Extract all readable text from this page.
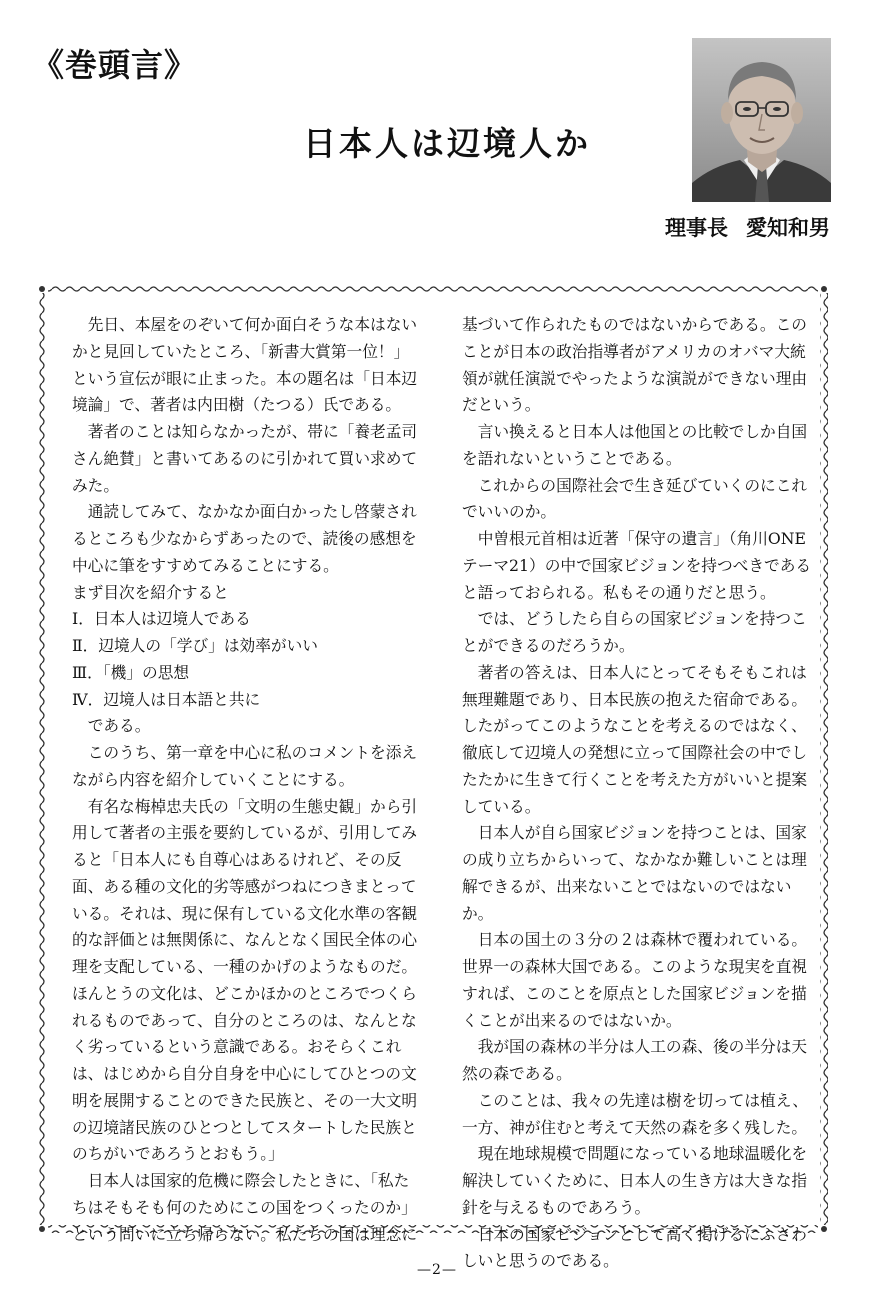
《巻頭言》
日本人は辺境人か
理事長 愛知和男

先日、本屋をのぞいて何か面白そうな本はないかと見回していたところ、「新書大賞第一位！」という宣伝が眼に止まった。本の題名は「日本辺境論」で、著者は内田樹（たつる）氏である。

著者のことは知らなかったが、帯に「養老孟司さん絶賛」と書いてあるのに引かれて買い求めてみた。

通読してみて、なかなか面白かったし啓蒙されるところも少なからずあったので、読後の感想を中心に筆をすすめてみることにする。

まず目次を紹介すると

Ⅰ．日本人は辺境人である

Ⅱ．辺境人の「学び」は効率がいい

Ⅲ．「機」の思想

Ⅳ．辺境人は日本語と共に

である。

このうち、第一章を中心に私のコメントを添えながら内容を紹介していくことにする。

有名な梅棹忠夫氏の「文明の生態史観」から引用して著者の主張を要約しているが、引用してみると「日本人にも自尊心はあるけれど、その反面、ある種の文化的劣等感がつねにつきまとっている。それは、現に保有している文化水準の客観的な評価とは無関係に、なんとなく国民全体の心理を支配している、一種のかげのようなものだ。ほんとうの文化は、どこかほかのところでつくられるものであって、自分のところのは、なんとなく劣っているという意識である。おそらくこれは、はじめから自分自身を中心にしてひとつの文明を展開することのできた民族と、その一大文明の辺境諸民族のひとつとしてスタートした民族とのちがいであろうとおもう。」

日本人は国家的危機に際会したときに、「私たちはそもそも何のためにこの国をつくったのか」という問いに立ち帰らない。私たちの国は理念に

基づいて作られたものではないからである。このことが日本の政治指導者がアメリカのオバマ大統領が就任演説でやったような演説ができない理由だという。

言い換えると日本人は他国との比較でしか自国を語れないということである。

これからの国際社会で生き延びていくのにこれでいいのか。

中曽根元首相は近著「保守の遺言」（角川ONEテーマ21）の中で国家ビジョンを持つべきであると語っておられる。私もその通りだと思う。

では、どうしたら自らの国家ビジョンを持つことができるのだろうか。

著者の答えは、日本人にとってそもそもこれは無理難題であり、日本民族の抱えた宿命である。したがってこのようなことを考えるのではなく、徹底して辺境人の発想に立って国際社会の中でしたたかに生きて行くことを考えた方がいいと提案している。

日本人が自ら国家ビジョンを持つことは、国家の成り立ちからいって、なかなか難しいことは理解できるが、出来ないことではないのではないか。

日本の国土の３分の２は森林で覆われている。世界一の森林大国である。このような現実を直視すれば、このことを原点とした国家ビジョンを描くことが出来るのではないか。

我が国の森林の半分は人工の森、後の半分は天然の森である。

このことは、我々の先達は樹を切っては植え、一方、神が住むと考えて天然の森を多く残した。

現在地球規模で問題になっている地球温暖化を解決していくために、日本人の生き方は大きな指針を与えるものであろう。

日本の国家ビジョンとして高く掲げるにふさわしいと思うのである。

—2—
